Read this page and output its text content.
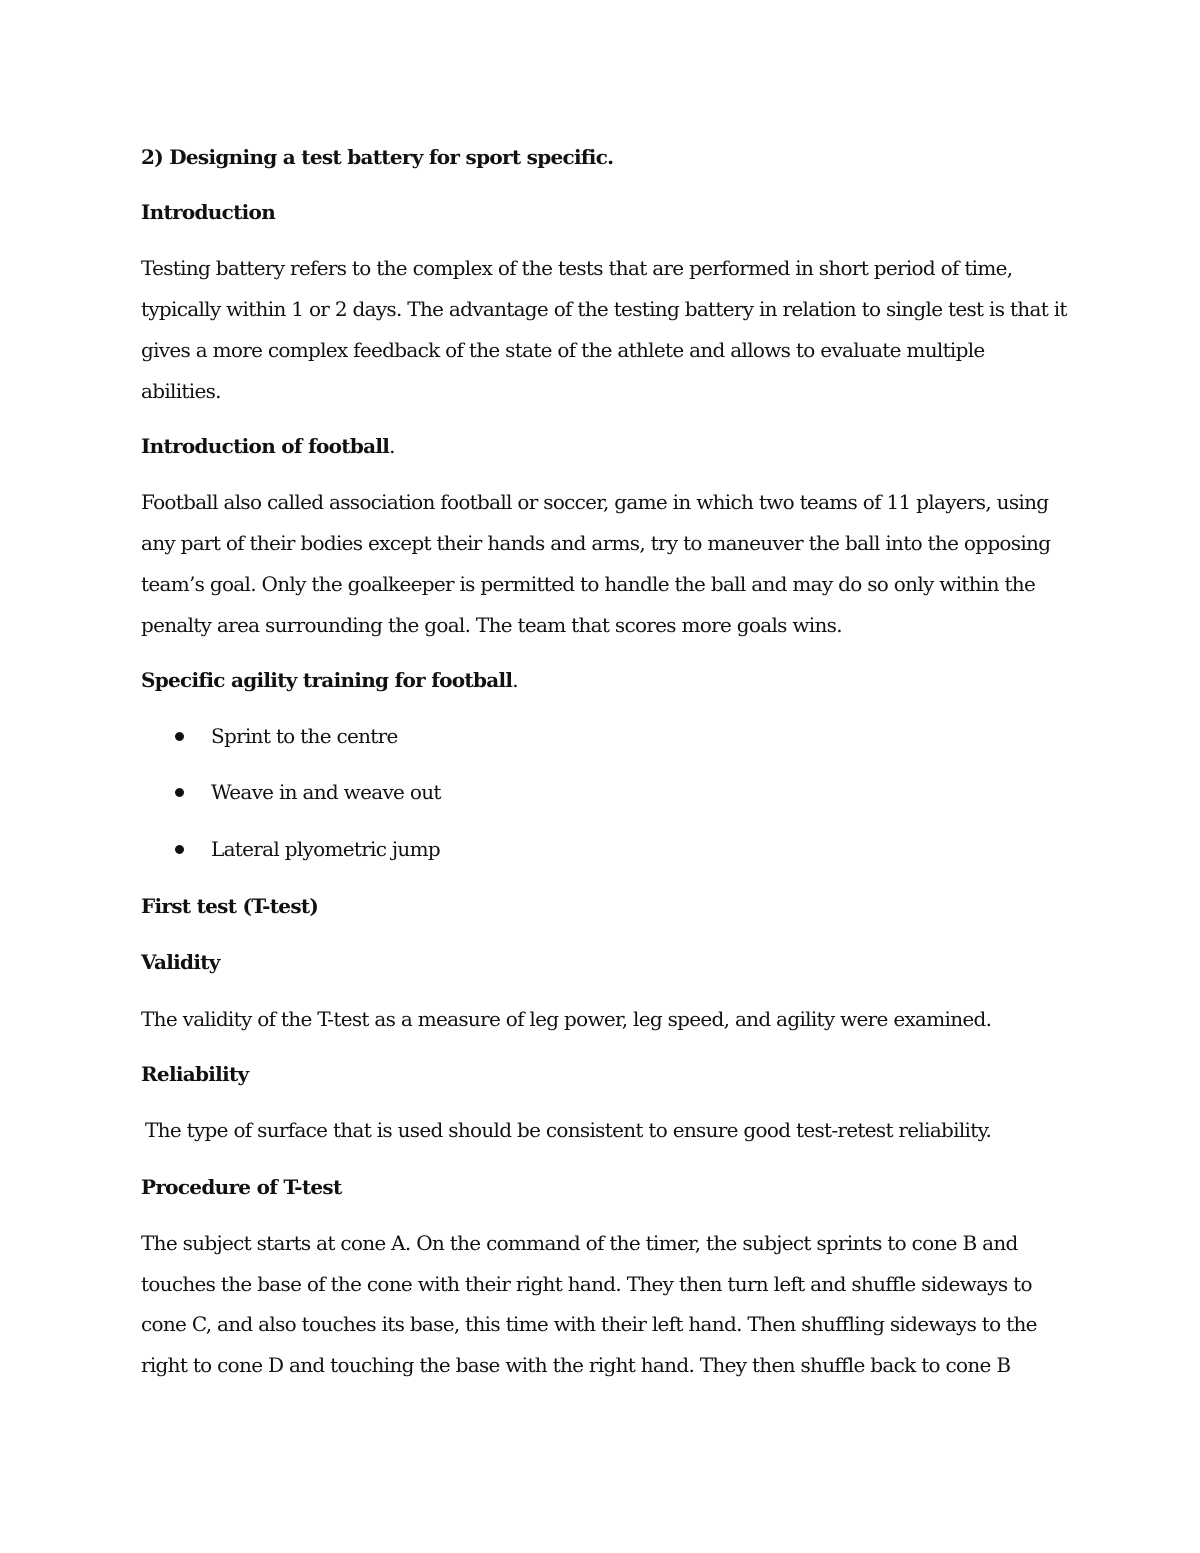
2) Designing a test battery for sport specific.
Introduction
Testing battery refers to the complex of the tests that are performed in short period of time,
typically within 1 or 2 days. The advantage of the testing battery in relation to single test is that it
gives a more complex feedback of the state of the athlete and allows to evaluate multiple
abilities.
Introduction of football.
Football also called association football or soccer, game in which two teams of 11 players, using
any part of their bodies except their hands and arms, try to maneuver the ball into the opposing
team’s goal. Only the goalkeeper is permitted to handle the ball and may do so only within the
penalty area surrounding the goal. The team that scores more goals wins.
Specific agility training for football.
Sprint to the centre
Weave in and weave out
Lateral plyometric jump
First test (T-test)
Validity
The validity of the T-test as a measure of leg power, leg speed, and agility were examined.
Reliability
The type of surface that is used should be consistent to ensure good test-retest reliability.
Procedure of T-test
The subject starts at cone A. On the command of the timer, the subject sprints to cone B and
touches the base of the cone with their right hand. They then turn left and shuffle sideways to
cone C, and also touches its base, this time with their left hand. Then shuffling sideways to the
right to cone D and touching the base with the right hand. They then shuffle back to cone B
